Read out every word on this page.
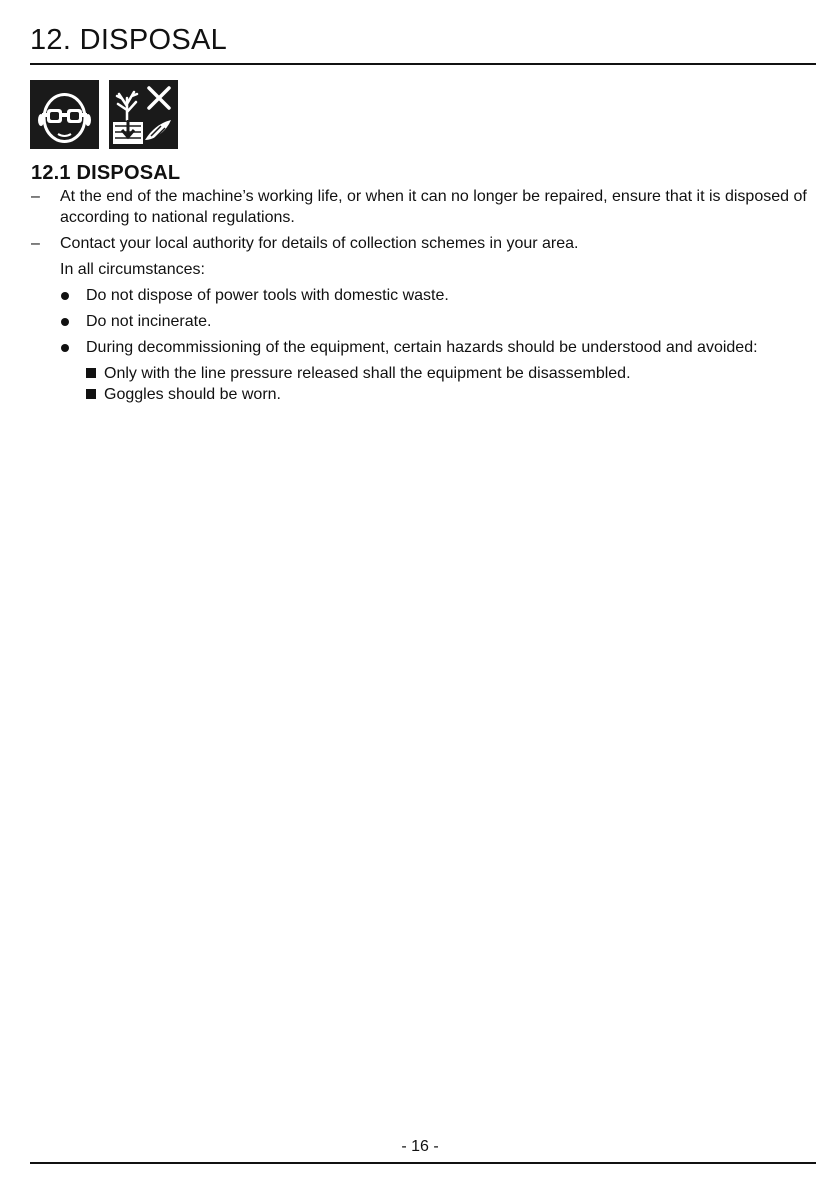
12. DISPOSAL
12.1 DISPOSAL
– At the end of the machine’s working life, or when it can no longer be repaired, ensure that it is disposed of according to national regulations.
– Contact your local authority for details of collection schemes in your area.
In all circumstances:
Do not dispose of power tools with domestic waste.
Do not incinerate.
During decommissioning of the equipment, certain hazards should be understood and avoided:
Only with the line pressure released shall the equipment be disassembled.
Goggles should be worn.
- 16 -
